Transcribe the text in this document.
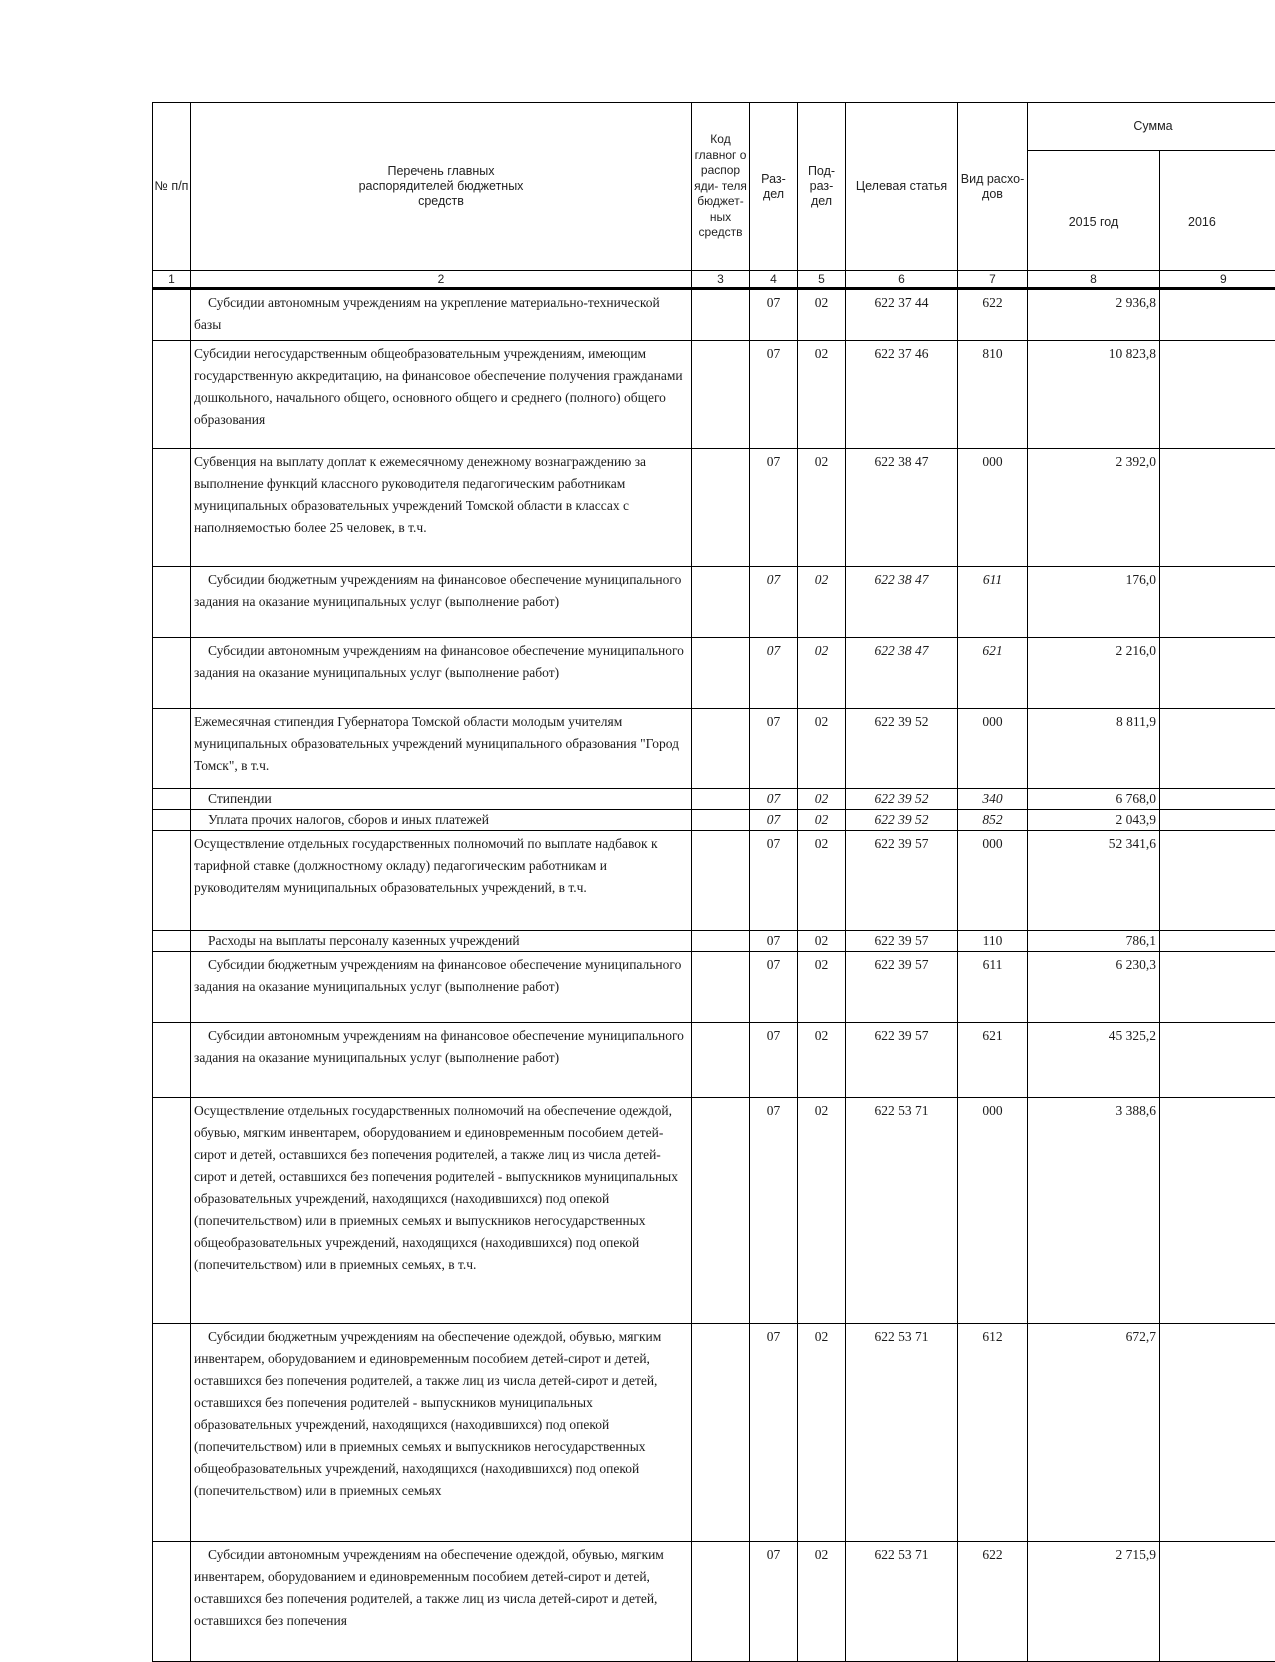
№ п/п	Перечень главных распорядителей бюджетных средств	Код главног о распор яди- теля бюджет- ных средств	Раз- дел	Под- раз- дел	Целевая статья	Вид расхо- дов	Сумма	
							2015 год	2016
1	2	3	4	5	6	7	8	9
	Субсидии автономным учреждениям на укрепление материально-технической базы		07	02	622 37 44	622	2 936,8	
	Субсидии негосударственным общеобразовательным учреждениям, имеющим государственную аккредитацию, на финансовое обеспечение получения гражданами дошкольного, начального общего, основного общего и среднего (полного) общего образования		07	02	622 37 46	810	10 823,8	
	Субвенция на выплату доплат к ежемесячному денежному вознаграждению за выполнение функций классного руководителя педагогическим работникам муниципальных образовательных учреждений Томской области в классах с наполняемостью более 25 человек, в т.ч.		07	02	622 38 47	000	2 392,0	
	Субсидии бюджетным учреждениям на финансовое обеспечение муниципального задания на оказание муниципальных услуг (выполнение работ)		07	02	622 38 47	611	176,0	
	Субсидии автономным учреждениям на финансовое обеспечение муниципального задания на оказание муниципальных услуг (выполнение работ)		07	02	622 38 47	621	2 216,0	
	Ежемесячная стипендия Губернатора Томской области молодым учителям муниципальных образовательных учреждений муниципального образования "Город Томск", в т.ч.		07	02	622 39 52	000	8 811,9	
	Стипендии		07	02	622 39 52	340	6 768,0	
	Уплата прочих налогов, сборов и иных платежей		07	02	622 39 52	852	2 043,9	
	Осуществление отдельных государственных полномочий по выплате надбавок к тарифной ставке (должностному окладу) педагогическим работникам и руководителям муниципальных образовательных учреждений, в т.ч.		07	02	622 39 57	000	52 341,6	
	Расходы на выплаты персоналу казенных учреждений		07	02	622 39 57	110	786,1	
	Субсидии бюджетным учреждениям на финансовое обеспечение муниципального задания на оказание муниципальных услуг (выполнение работ)		07	02	622 39 57	611	6 230,3	
	Субсидии автономным учреждениям на финансовое обеспечение муниципального задания на оказание муниципальных услуг (выполнение работ)		07	02	622 39 57	621	45 325,2	
	Осуществление отдельных государственных полномочий на обеспечение одеждой, обувью, мягким инвентарем, оборудованием и единовременным пособием детей-сирот и детей, оставшихся без попечения родителей, а также лиц из числа детей-сирот и детей, оставшихся без попечения родителей - выпускников муниципальных образовательных учреждений, находящихся (находившихся) под опекой (попечительством) или в приемных семьях и выпускников негосударственных общеобразовательных учреждений, находящихся (находившихся) под опекой (попечительством) или в приемных семьях, в т.ч.		07	02	622 53 71	000	3 388,6	
	Субсидии бюджетным учреждениям на обеспечение одеждой, обувью, мягким инвентарем, оборудованием и единовременным пособием детей-сирот и детей, оставшихся без попечения родителей, а также лиц из числа детей-сирот и детей, оставшихся без попечения родителей - выпускников муниципальных образовательных учреждений, находящихся (находившихся) под опекой (попечительством) или в приемных семьях и выпускников негосударственных общеобразовательных учреждений, находящихся (находившихся) под опекой (попечительством) или в приемных семьях		07	02	622 53 71	612	672,7	
	Субсидии автономным учреждениям на обеспечение одеждой, обувью, мягким инвентарем, оборудованием и единовременным пособием детей-сирот и детей, оставшихся без попечения родителей, а также лиц из числа детей-сирот и детей, оставшихся без попечения		07	02	622 53 71	622	2 715,9	
